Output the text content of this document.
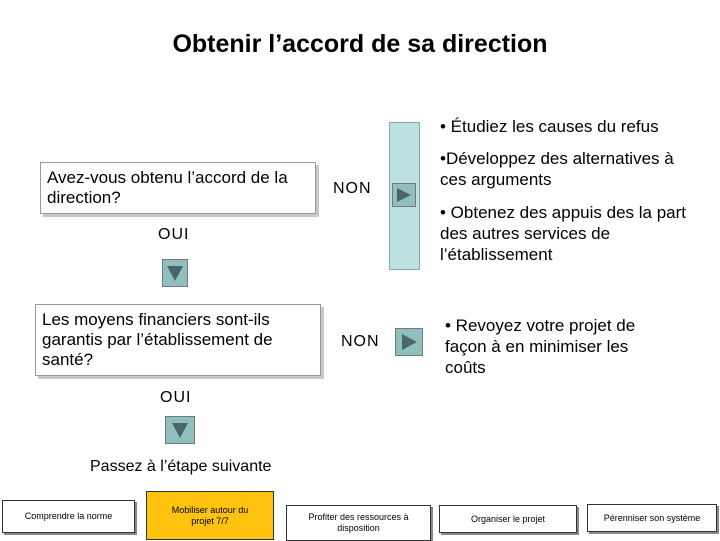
Obtenir l’accord de sa direction
Avez-vous obtenu l’accord de la direction?	NON
• Étudiez les causes du refus
•Développez des alternatives à ces arguments
• Obtenez des appuis des la part des autres services de l’établissement
OUI
Les moyens financiers sont-ils garantis par l’établissement de santé?
NON
• Revoyez votre projet de façon à en minimiser les coûts
OUI
Passez à l’étape suivante
Comprendre la norme
Mobiliser autour du projet 7/7	Profiter des ressources à disposition
Organiser le projet	Pérenniser son système
